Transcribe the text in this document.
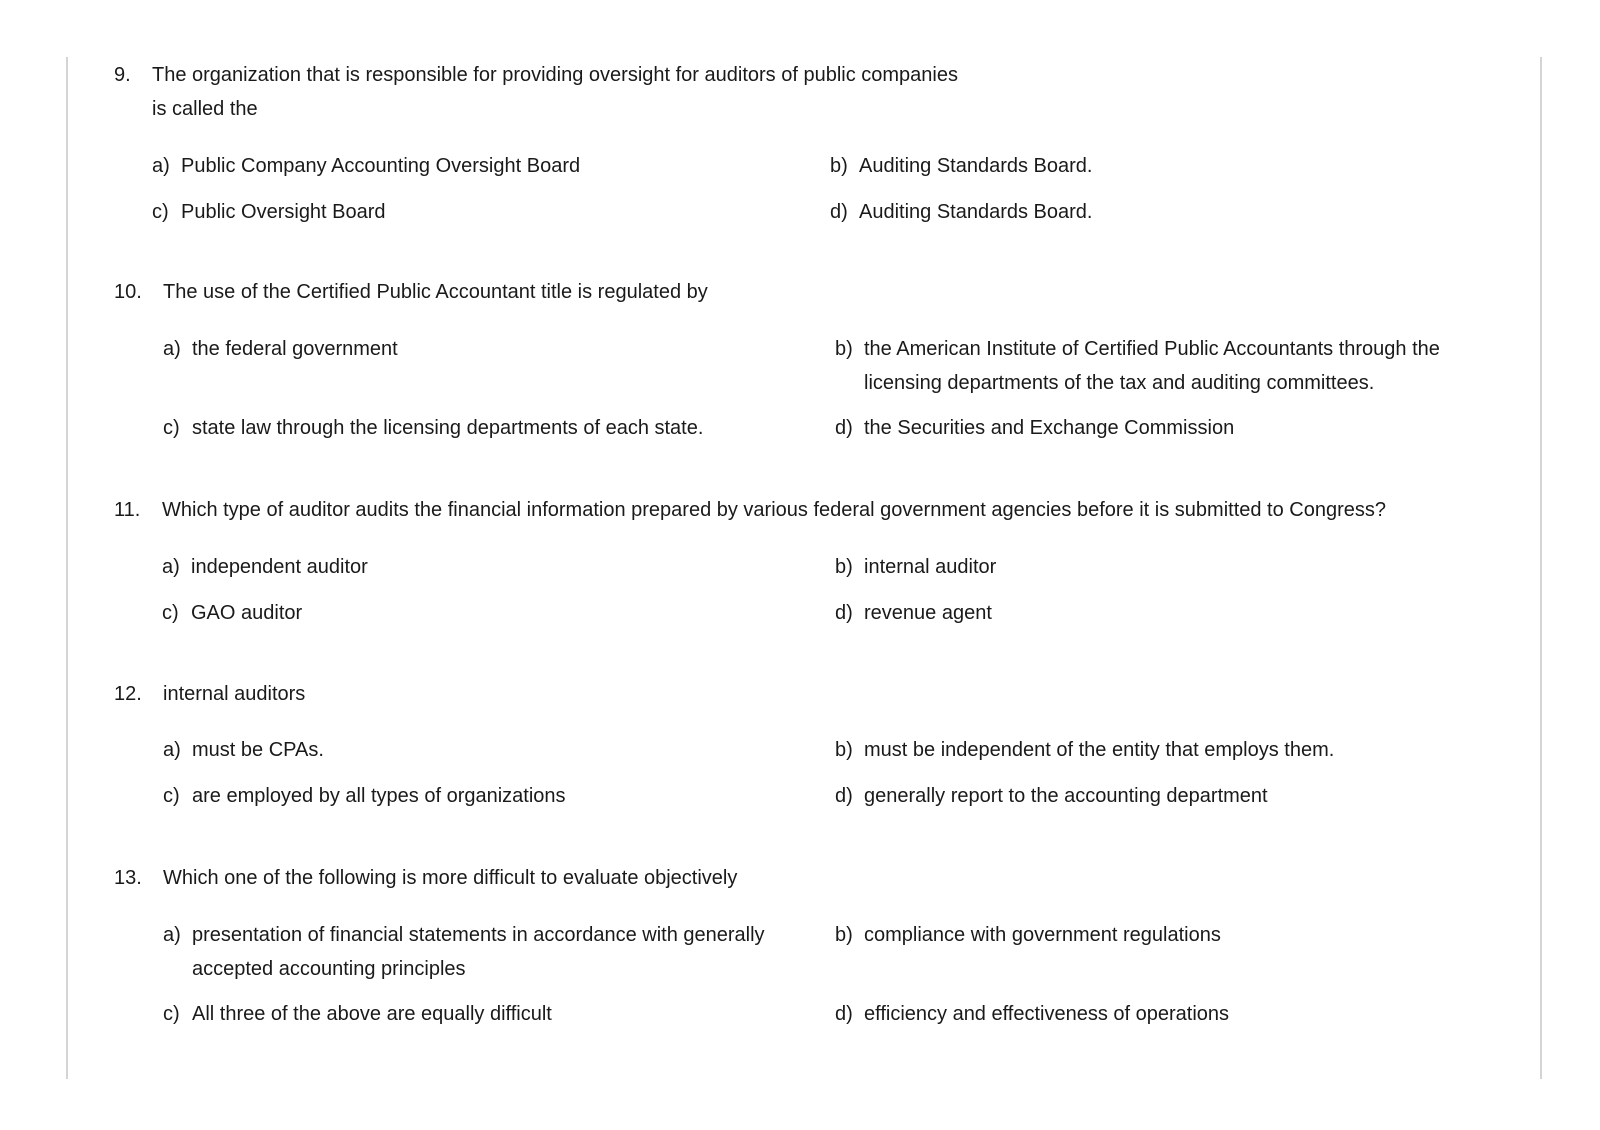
9. The organization that is responsible for providing oversight for auditors of public companies
is called the
a) Public Company Accounting Oversight Board	b) Auditing Standards Board.
c) Public Oversight Board	d) Auditing Standards Board.
10. The use of the Certified Public Accountant title is regulated by
a) the federal government	b) the American Institute of Certified Public Accountants through the
licensing departments of the tax and auditing committees.
c) state law through the licensing departments of each state.	d) the Securities and Exchange Commission
11. Which type of auditor audits the financial information prepared by various federal government agencies before it is submitted to Congress?
a) independent auditor	b) internal auditor
c) GAO auditor	d) revenue agent
12. internal auditors
a) must be CPAs.	b) must be independent of the entity that employs them.
c) are employed by all types of organizations	d) generally report to the accounting department
13. Which one of the following is more difficult to evaluate objectively
a) presentation of financial statements in accordance with generally
accepted accounting principles
b) compliance with government regulations
c) All three of the above are equally difficult	d) efficiency and effectiveness of operations
